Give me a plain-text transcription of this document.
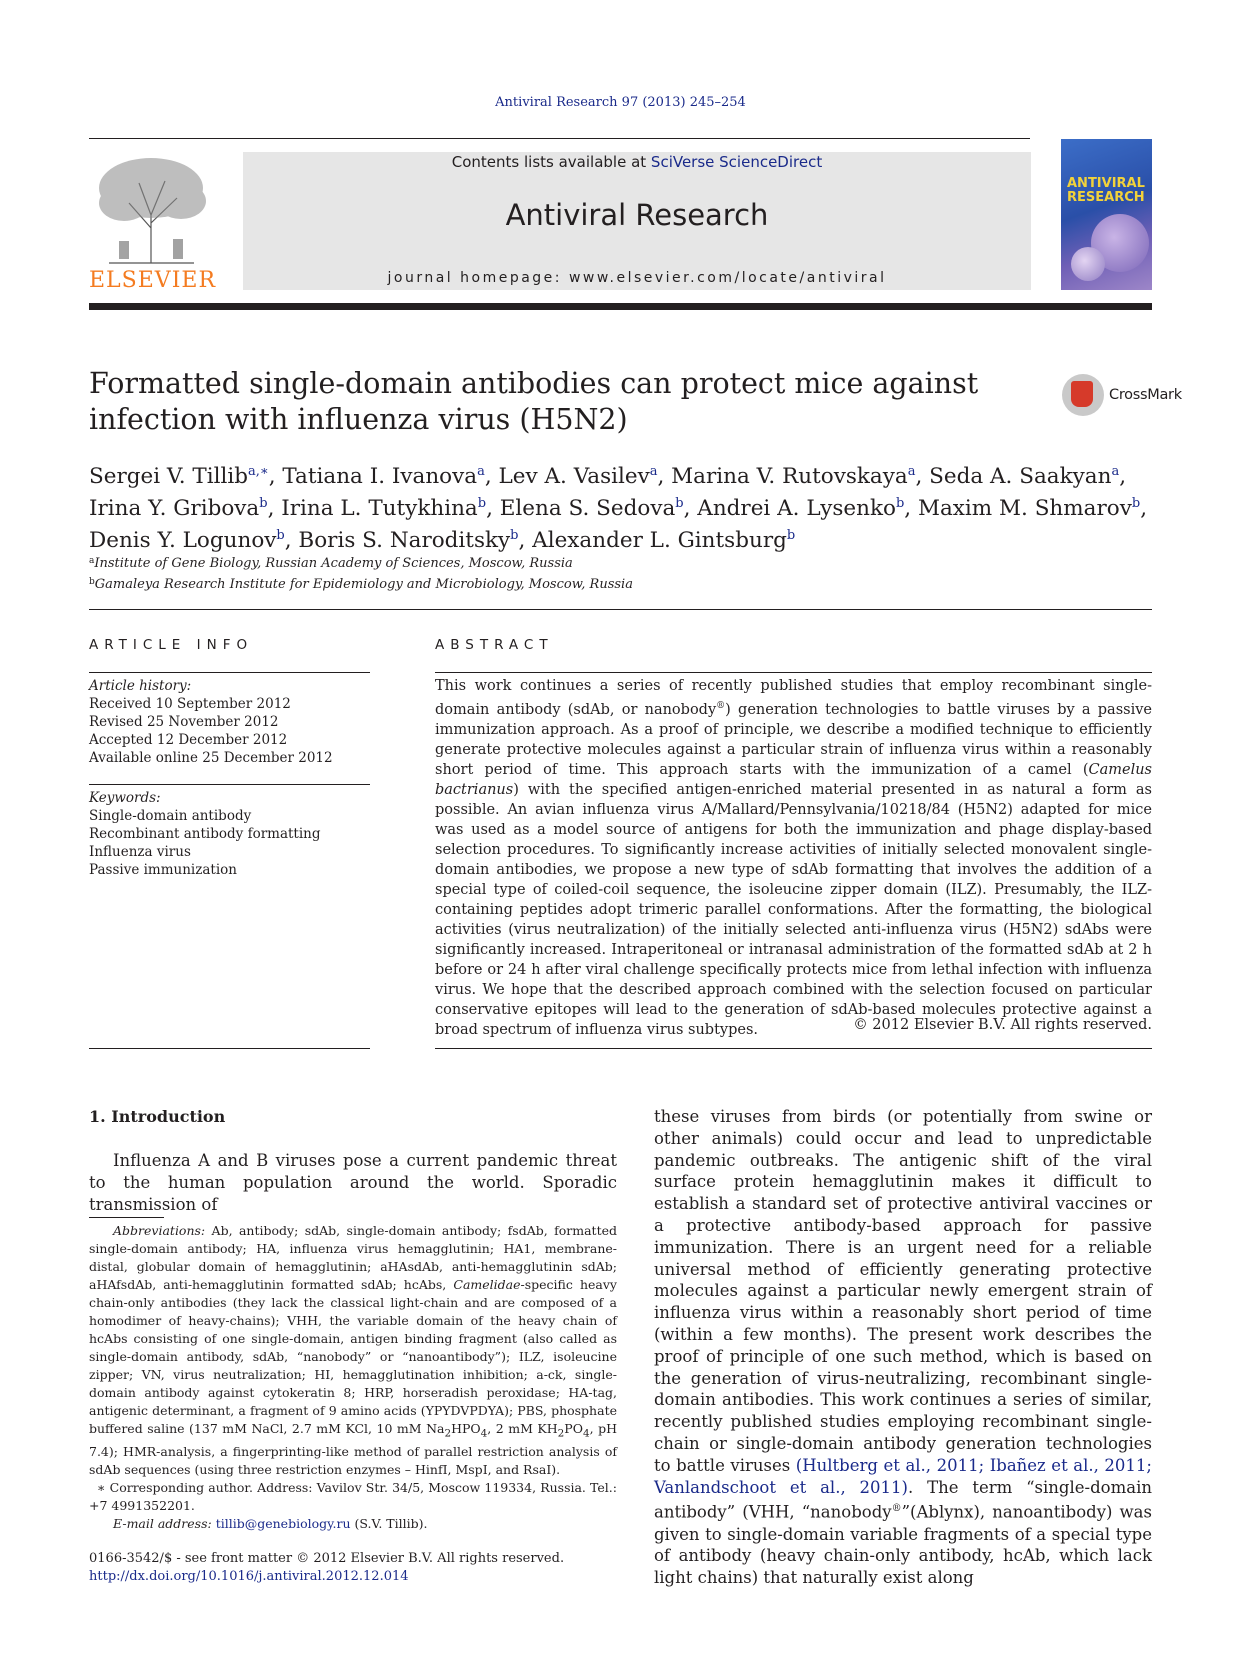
Antiviral Research 97 (2013) 245–254
ELSEVIER
Contents lists available at SciVerse ScienceDirect
Antiviral Research
journal homepage: www.elsevier.com/locate/antiviral
ANTIVIRAL RESEARCH
Formatted single-domain antibodies can protect mice against infection with influenza virus (H5N2)
CrossMark
Sergei V. Tillib$^{a,∗}$, Tatiana I. Ivanova$^a$, Lev A. Vasilev$^a$, Marina V. Rutovskaya$^a$, Seda A. Saakyan$^a$,
Irina Y. Gribova$^b$, Irina L. Tutykhina$^b$, Elena S. Sedova$^b$, Andrei A. Lysenko$^b$, Maxim M. Shmarov$^b$,
Denis Y. Logunov$^b$, Boris S. Naroditsky$^b$, Alexander L. Gintsburg$^b$

$^a$Institute of Gene Biology, Russian Academy of Sciences, Moscow, Russia

$^b$Gamaleya Research Institute for Epidemiology and Microbiology, Moscow, Russia

ARTICLE INFO	ABSTRACT

Article history:

Received 10 September 2012

Revised 25 November 2012

Accepted 12 December 2012

Available online 25 December 2012

Keywords:

Single-domain antibody

Recombinant antibody formatting

Influenza virus

Passive immunization

This work continues a series of recently published studies that employ recombinant single-domain antibody (sdAb, or nanobody®) generation technologies to battle viruses by a passive immunization approach. As a proof of principle, we describe a modified technique to efficiently generate protective molecules against a particular strain of influenza virus within a reasonably short period of time. This approach starts with the immunization of a camel (Camelus bactrianus) with the specified antigen-enriched material presented in as natural a form as possible. An avian influenza virus A/Mallard/Pennsylvania/10218/84 (H5N2) adapted for mice was used as a model source of antigens for both the immunization and phage display-based selection procedures. To significantly increase activities of initially selected monovalent single-domain antibodies, we propose a new type of sdAb formatting that involves the addition of a special type of coiled-coil sequence, the isoleucine zipper domain (ILZ). Presumably, the ILZ-containing peptides adopt trimeric parallel conformations. After the formatting, the biological activities (virus neutralization) of the initially selected anti-influenza virus (H5N2) sdAbs were significantly increased. Intraperitoneal or intranasal administration of the formatted sdAb at 2 h before or 24 h after viral challenge specifically protects mice from lethal infection with influenza virus. We hope that the described approach combined with the selection focused on particular conservative epitopes will lead to the generation of sdAb-based molecules protective against a broad spectrum of influenza virus subtypes.	© 2012 Elsevier B.V. All rights reserved.
1. Introduction

Influenza A and B viruses pose a current pandemic threat to the human population around the world. Sporadic transmission of

Abbreviations: Ab, antibody; sdAb, single-domain antibody; fsdAb, formatted single-domain antibody; HA, influenza virus hemagglutinin; HA1, membrane-distal, globular domain of hemagglutinin; aHAsdAb, anti-hemagglutinin sdAb; aHAfsdAb, anti-hemagglutinin formatted sdAb; hcAbs, Camelidae-specific heavy chain-only antibodies (they lack the classical light-chain and are composed of a homodimer of heavy-chains); VHH, the variable domain of the heavy chain of hcAbs consisting of one single-domain, antigen binding fragment (also called as single-domain antibody, sdAb, “nanobody” or “nanoantibody”); ILZ, isoleucine zipper; VN, virus neutralization; HI, hemagglutination inhibition; a-ck, single-domain antibody against cytokeratin 8; HRP, horseradish peroxidase; HA-tag, antigenic determinant, a fragment of 9 amino acids (YPYDVPDYA); PBS, phosphate buffered saline (137 mM NaCl, 2.7 mM KCl, 10 mM $Na_2HPO_4$, 2 mM $KH_2PO_4$, pH 7.4); HMR-analysis, a fingerprinting-like method of parallel restriction analysis of sdAb sequences (using three restriction enzymes – HinfI, MspI, and RsaI).

∗ Corresponding author. Address: Vavilov Str. 34/5, Moscow 119334, Russia. Tel.: +7 4991352201.

E-mail address: tillib@genebiology.ru (S.V. Tillib).

these viruses from birds (or potentially from swine or other animals) could occur and lead to unpredictable pandemic outbreaks. The antigenic shift of the viral surface protein hemagglutinin makes it difficult to establish a standard set of protective antiviral vaccines or a protective antibody-based approach for passive immunization. There is an urgent need for a reliable universal method of efficiently generating protective molecules against a particular newly emergent strain of influenza virus within a reasonably short period of time (within a few months). The present work describes the proof of principle of one such method, which is based on the generation of virus-neutralizing, recombinant single-domain antibodies. This work continues a series of similar, recently published studies employing recombinant single-chain or single-domain antibody generation technologies to battle viruses (Hultberg et al., 2011; Ibañez et al., 2011; Vanlandschoot et al., 2011). The term “single-domain antibody” (VHH, “nanobody®”(Ablynx), nanoantibody) was given to single-domain variable fragments of a special type of antibody (heavy chain-only antibody, hcAb, which lack light chains) that naturally exist along

0166-3542/$ - see front matter © 2012 Elsevier B.V. All rights reserved.

http://dx.doi.org/10.1016/j.antiviral.2012.12.014
